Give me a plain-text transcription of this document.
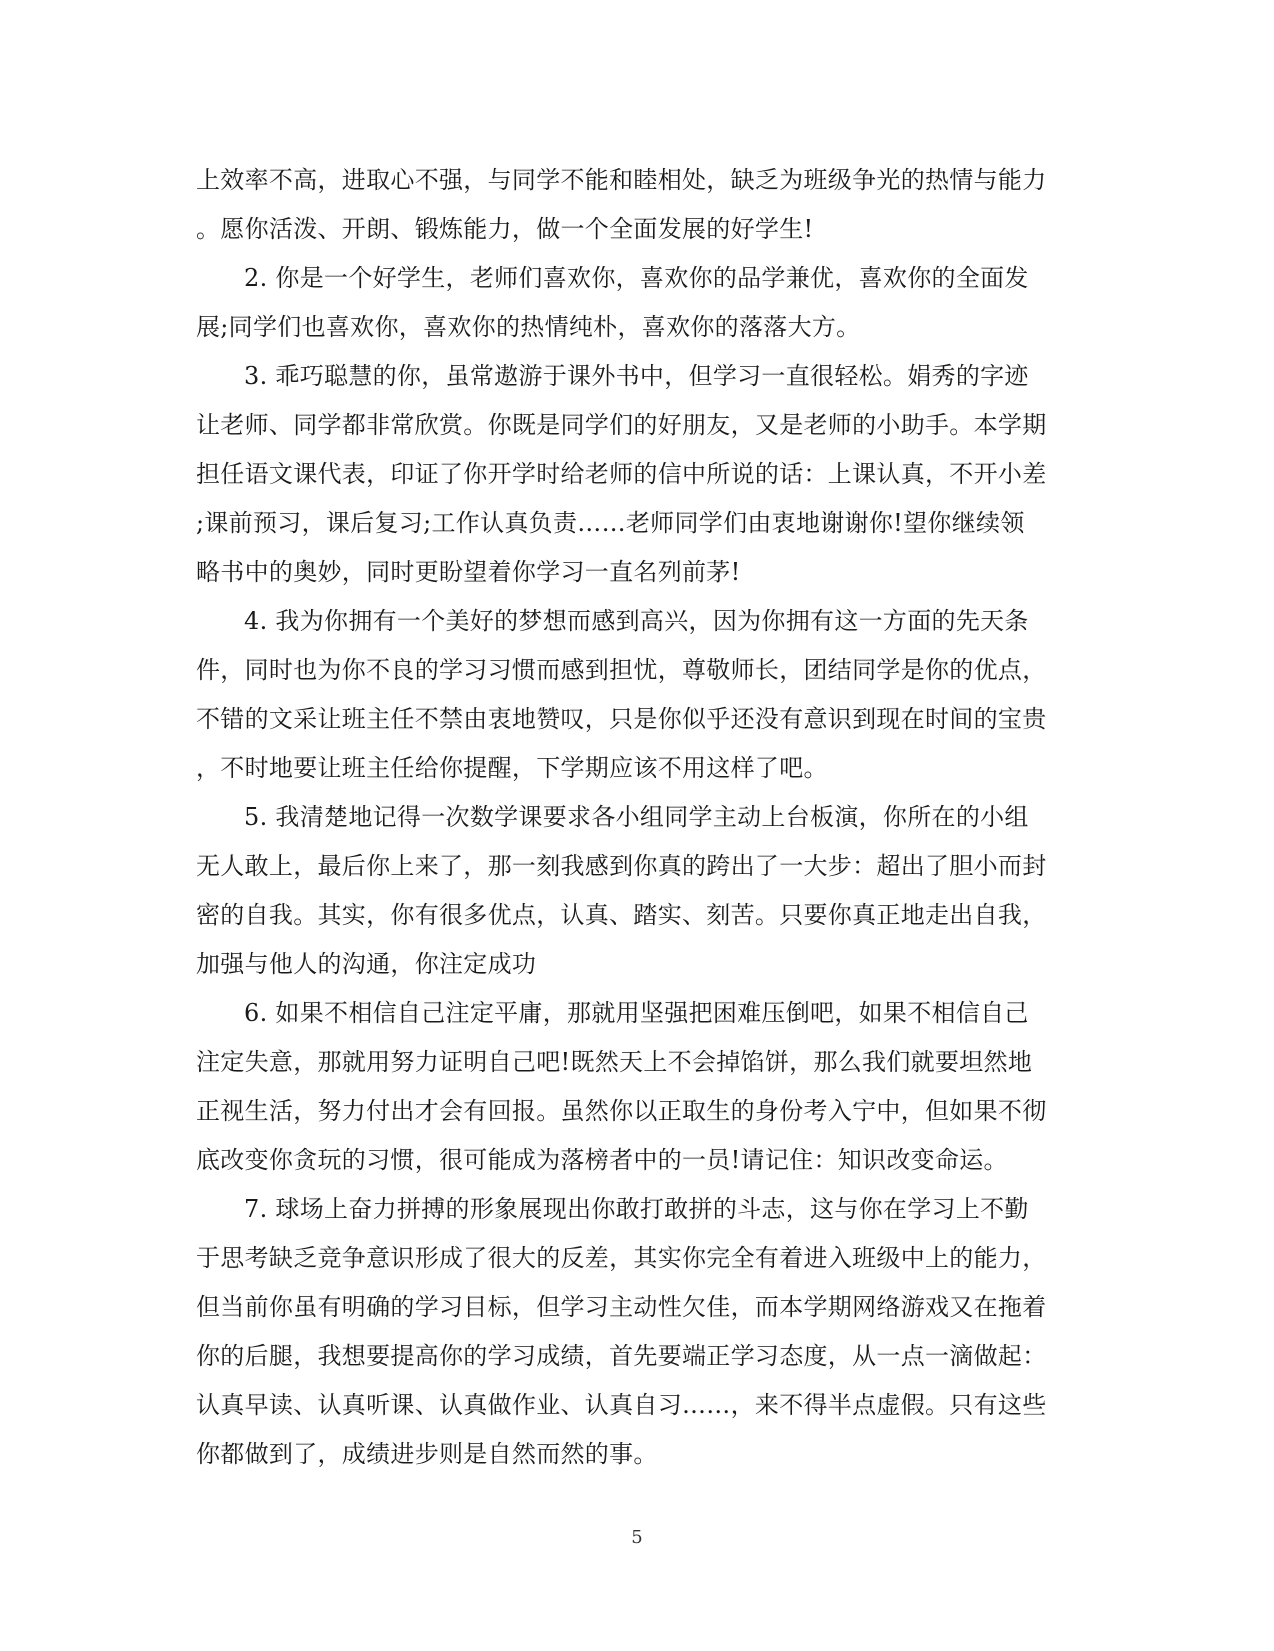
上效率不高，进取心不强，与同学不能和睦相处，缺乏为班级争光的热情与能力
。愿你活泼、开朗、锻炼能力，做一个全面发展的好学生!
2. 你是一个好学生，老师们喜欢你，喜欢你的品学兼优，喜欢你的全面发
展;同学们也喜欢你，喜欢你的热情纯朴，喜欢你的落落大方。
3. 乖巧聪慧的你，虽常遨游于课外书中，但学习一直很轻松。娟秀的字迹
让老师、同学都非常欣赏。你既是同学们的好朋友，又是老师的小助手。本学期
担任语文课代表，印证了你开学时给老师的信中所说的话：上课认真，不开小差
;课前预习，课后复习;工作认真负责……老师同学们由衷地谢谢你!望你继续领
略书中的奥妙，同时更盼望着你学习一直名列前茅!
4. 我为你拥有一个美好的梦想而感到高兴，因为你拥有这一方面的先天条
件，同时也为你不良的学习习惯而感到担忧，尊敬师长，团结同学是你的优点，
不错的文采让班主任不禁由衷地赞叹，只是你似乎还没有意识到现在时间的宝贵
，不时地要让班主任给你提醒，下学期应该不用这样了吧。
5. 我清楚地记得一次数学课要求各小组同学主动上台板演，你所在的小组
无人敢上，最后你上来了，那一刻我感到你真的跨出了一大步：超出了胆小而封
密的自我。其实，你有很多优点，认真、踏实、刻苦。只要你真正地走出自我，
加强与他人的沟通，你注定成功
6. 如果不相信自己注定平庸，那就用坚强把困难压倒吧，如果不相信自己
注定失意，那就用努力证明自己吧!既然天上不会掉馅饼，那么我们就要坦然地
正视生活，努力付出才会有回报。虽然你以正取生的身份考入宁中，但如果不彻
底改变你贪玩的习惯，很可能成为落榜者中的一员!请记住：知识改变命运。
7. 球场上奋力拼搏的形象展现出你敢打敢拼的斗志，这与你在学习上不勤
于思考缺乏竞争意识形成了很大的反差，其实你完全有着进入班级中上的能力，
但当前你虽有明确的学习目标，但学习主动性欠佳，而本学期网络游戏又在拖着
你的后腿，我想要提高你的学习成绩，首先要端正学习态度，从一点一滴做起：
认真早读、认真听课、认真做作业、认真自习……，来不得半点虚假。只有这些
你都做到了，成绩进步则是自然而然的事。
5
